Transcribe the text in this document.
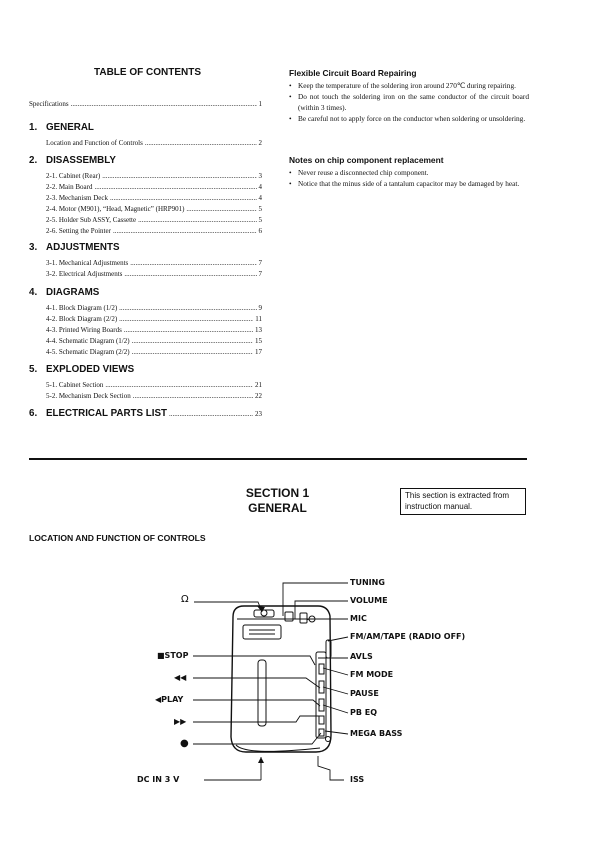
TABLE OF CONTENTS
Specifications .....	1
1. GENERAL
Location and Function of Controls .....	2
2. DISASSEMBLY
2-1. Cabinet (Rear) .....	3
2-2. Main Board .....	4
2-3. Mechanism Deck .....	4
2-4. Motor (M901), “Head, Magnetic” (HRP901) .....	5
2-5. Holder Sub ASSY, Cassette .....	5
2-6. Setting the Pointer .....	6
3. ADJUSTMENTS
3-1. Mechanical Adjustments .....	7
3-2. Electrical Adjustments .....	7
4. DIAGRAMS
4-1. Block Diagram (1/2) .....	9
4-2. Block Diagram (2/2) .....	11
4-3. Printed Wiring Boards .....	13
4-4. Schematic Diagram (1/2) .....	15
4-5. Schematic Diagram (2/2) .....	17
5. EXPLODED VIEWS
5-1. Cabinet Section .....	21
5-2. Mechanism Deck Section .....	22
6. ELECTRICAL PARTS LIST .....	23
Flexible Circuit Board Repairing
• Keep the temperature of the soldering iron around 270℃ during repairing.
• Do not touch the soldering iron on the same conductor of the circuit board (within 3 times).
• Be careful not to apply force on the conductor when soldering or unsoldering.
Notes on chip component replacement
• Never reuse a disconnected chip component.
• Notice that the minus side of a tantalum capacitor may be damaged by heat.
SECTION 1
GENERAL
This section is extracted from instruction manual.
LOCATION AND FUNCTION OF CONTROLS
TUNING
VOLUME
MIC
FM/AM/TAPE (RADIO OFF)
AVLS
FM MODE
PAUSE
PB EQ
MEGA BASS
ISS
DC IN 3 V
■STOP
◀◀
◀PLAY
▶▶
●
Ω
